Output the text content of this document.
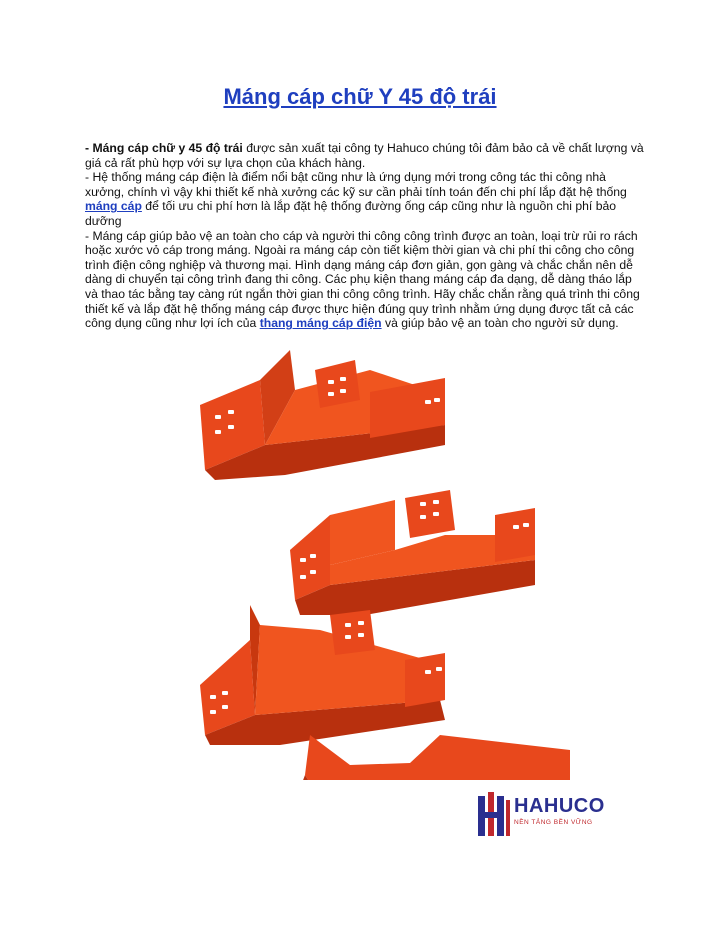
Máng cáp chữ Y 45 độ trái

- Máng cáp chữ y 45 độ trái được sản xuất tại công ty Hahuco chúng tôi đảm bảo cả về chất lượng và giá cả rất phù hợp với sự lựa chọn của khách hàng.

- Hệ thống máng cáp điện là điểm nổi bật cũng như là ứng dụng mới trong công tác thi công nhà xưởng, chính vì vậy khi thiết kế nhà xưởng các kỹ sư cần phải tính toán đến chi phí lắp đặt hệ thống máng cáp để tối ưu chi phí hơn là lắp đặt hệ thống đường ống cáp cũng như là nguồn chi phí bảo dưỡng

- Máng cáp giúp bảo vệ an toàn cho cáp và người thi công công trình được an toàn, loại trừ rủi ro rách hoặc xước vỏ cáp trong máng. Ngoài ra máng cáp còn tiết kiệm thời gian và chi phí thi công cho công trình điện công nghiệp và thương mại. Hình dạng máng cáp đơn giản, gọn gàng và chắc chắn nên dễ dàng di chuyển tại công trình đang thi công. Các phụ kiện thang máng cáp đa dạng, dễ dàng tháo lắp và thao tác bằng tay càng rút ngắn thời gian thi công công trình. Hãy chắc chắn rằng quá trình thi công thiết kế và lắp đặt hệ thống máng cáp được thực hiện đúng quy trình nhằm ứng dụng được tất cả các công dụng cũng như lợi ích của thang máng cáp điện và giúp bảo vệ an toàn cho người sử dụng.

HAHUCO
NỀN TẢNG BỀN VỮNG
